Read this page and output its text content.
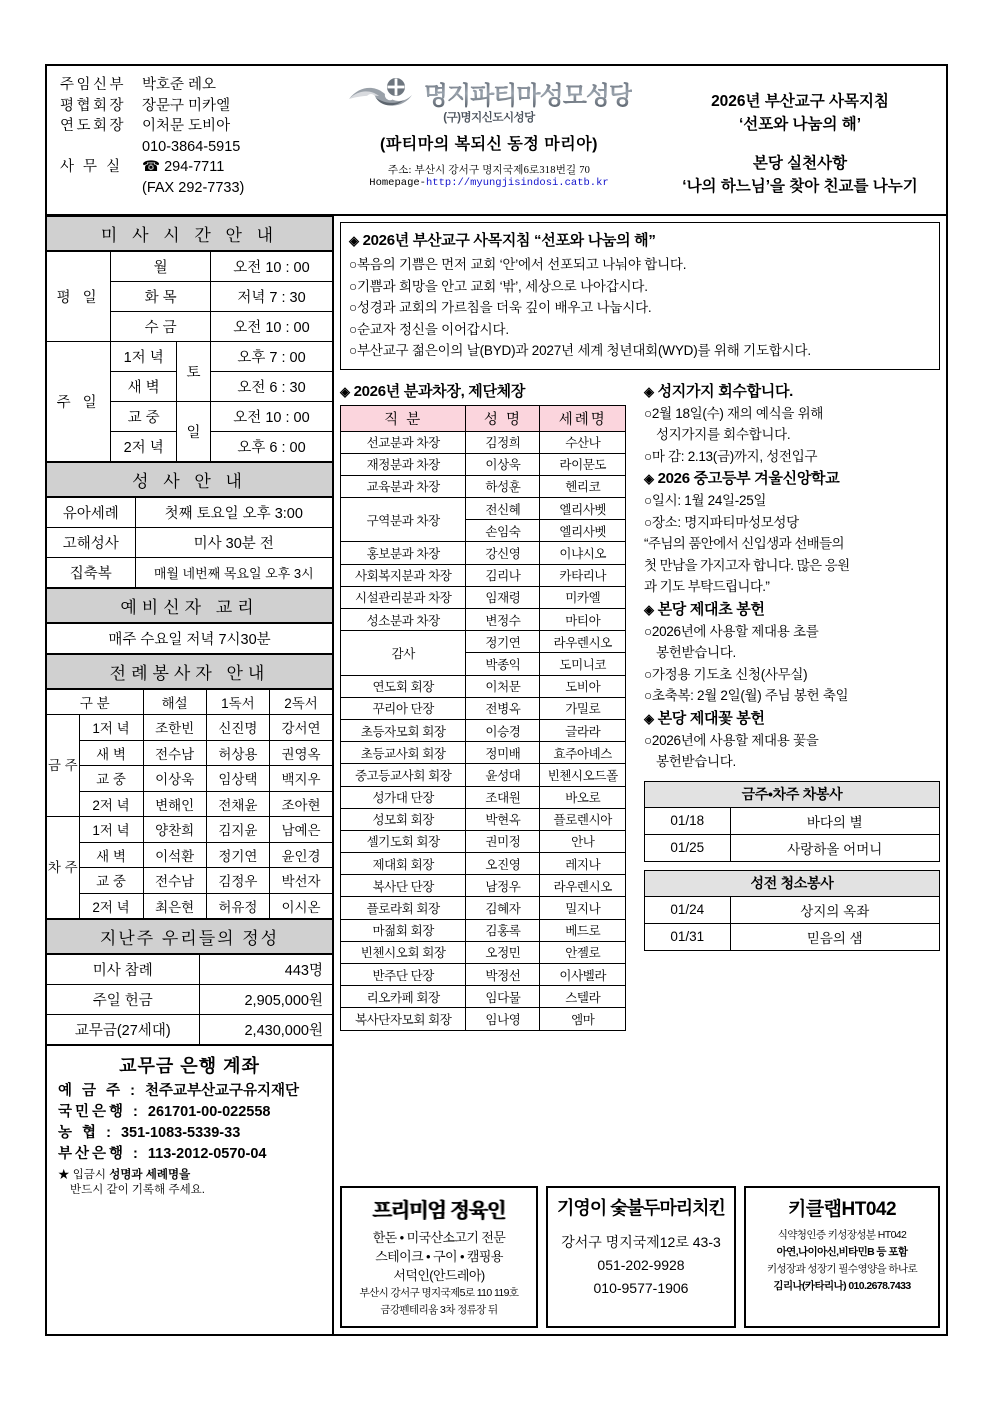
주임신부	박호준 레오
평협회장	장문구 미카엘
연도회장	이처문 도비아
010-3864-5915
사 무 실	☎ 294-7711
(FAX 292-7733)
명지파티마성모성당
(구)명지신도시성당
(파티마의 복되신 동정 마리아)
주소: 부산시 강서구 명지국제6로318번길 70
Homepage-http://myungjisindosi.catb.kr
2026년 부산교구 사목지침
‘선포와 나눔의 해’
본당 실천사항
‘나의 하느님’을 찾아 친교를 나누기
미 사 시 간 안 내
평 일	월		오전 10 : 00
	화 목		저녁 7 : 30
	수 금		오전 10 : 00
주 일	1저 녁	토	오후 7 : 00
	새 벽		오전 6 : 30
	교 중	일	오전 10 : 00
	2저 녁		오후 6 : 00
성 사 안 내
유아세례	첫째 토요일 오후 3:00
고해성사	미사 30분 전
집축복	매월 네번째 목요일 오후 3시
예비신자 교리
매주 수요일 저녁 7시30분
전례봉사자 안내
구 분		해설	1독서	2독서

금 주	1저 녁	조한빈	신진명	강서연
	새 벽	전수남	허상용	권영옥
	교 중	이상욱	임상택	백지우
	2저 녁	변해인	전채윤	조아현

차 주	1저 녁	양찬희	김지윤	남예은
	새 벽	이석환	정기연	윤인경
	교 중	전수남	김정우	박선자
	2저 녁	최은현	허유정	이시온
지난주 우리들의 정성
미사 참례	443명
주일 헌금	2,905,000원
교무금(27세대)	2,430,000원
교무금 은행 계좌
예 금 주 : 천주교부산교구유지재단
국민은행 : 261701-00-022558
농 협 : 351-1083-5339-33
부산은행 : 113-2012-0570-04
★ 입금시 성명과 세례명을
반드시 같이 기록해 주세요.
◈ 2026년 부산교구 사목지침 “선포와 나눔의 해”
○복음의 기쁨은 먼저 교회 ‘안’에서 선포되고 나눠야 합니다.
○기쁨과 희망을 안고 교회 ‘밖’, 세상으로 나아갑시다.
○성경과 교회의 가르침을 더욱 깊이 배우고 나눕시다.
○순교자 정신을 이어갑시다.
○부산교구 젊은이의 날(BYD)과 2027년 세계 청년대회(WYD)를 위해 기도합시다.
◈ 2026년 분과차장, 제단체장
직 분	성 명	세례명
선교분과 차장	김정희	수산나
재정분과 차장	이상욱	라이문도
교육분과 차장	하성훈	헨리코
구역분과 차장	전신혜	엘리사벳
	손임숙	엘리사벳
홍보분과 차장	강신영	이냐시오
사회복지분과 차장	김리나	카타리나
시설관리분과 차장	임재령	미카엘
성소분과 차장	변정수	마티아
감사	정기연	라우렌시오
	박종익	도미니코
연도회 회장	이처문	도비아
꾸리아 단장	전병옥	가밀로
초등자모회 회장	이승경	글라라
초등교사회 회장	정미배	효주아녜스
중고등교사회 회장	윤성대	빈첸시오드폴
성가대 단장	조대원	바오로
성모회 회장	박현옥	플로렌시아
셀기도회 회장	권미정	안나
제대회 회장	오진영	레지나
복사단 단장	남정우	라우렌시오
플로라회 회장	김혜자	밀지나
마젊회 회장	김홍록	베드로
빈첸시오회 회장	오정민	안젤로
반주단 단장	박정선	이사벨라
리오카페 회장	임다물	스텔라
복사단자모회 회장	임나영	엠마
◈ 성지가지 회수합니다.
○2월 18일(수) 재의 예식을 위해
성지가지를 회수합니다.
○마 감: 2.13(금)까지, 성전입구
◈ 2026 중고등부 겨울신앙학교
○일시: 1월 24일-25일
○장소: 명지파티마성모성당
“주님의 품안에서 신입생과 선배들의
첫 만남을 가지고자 합니다. 많은 응원
과 기도 부탁드립니다.”
◈ 본당 제대초 봉헌
○2026년에 사용할 제대용 초를
봉헌받습니다.
○가정용 기도초 신청(사무실)
○초축복: 2월 2일(월) 주님 봉헌 축일
◈ 본당 제대꽃 봉헌
○2026년에 사용할 제대용 꽃을
봉헌받습니다.
금주•차주 차봉사	
01/18	바다의 별
01/25	사랑하올 어머니
성전 청소봉사	
01/24	상지의 옥좌
01/31	믿음의 샘
프리미엄 정육인
한돈 • 미국산소고기 전문
스테이크 • 구이 • 캠핑용
서덕인(안드레아)
부산시 강서구 명지국제5로 110 119호
금강펜테리움 3차 정류장 뒤
기영이 숯불두마리치킨
강서구 명지국제12로 43-3
051-202-9928
010-9577-1906
키클랩HT042
식약청인증 키성장성분 HT042
아연,나이아신,비타민B 등 포함
키성장과 성장기 필수영양을 하나로
김리나(카타리나) 010.2678.7433
